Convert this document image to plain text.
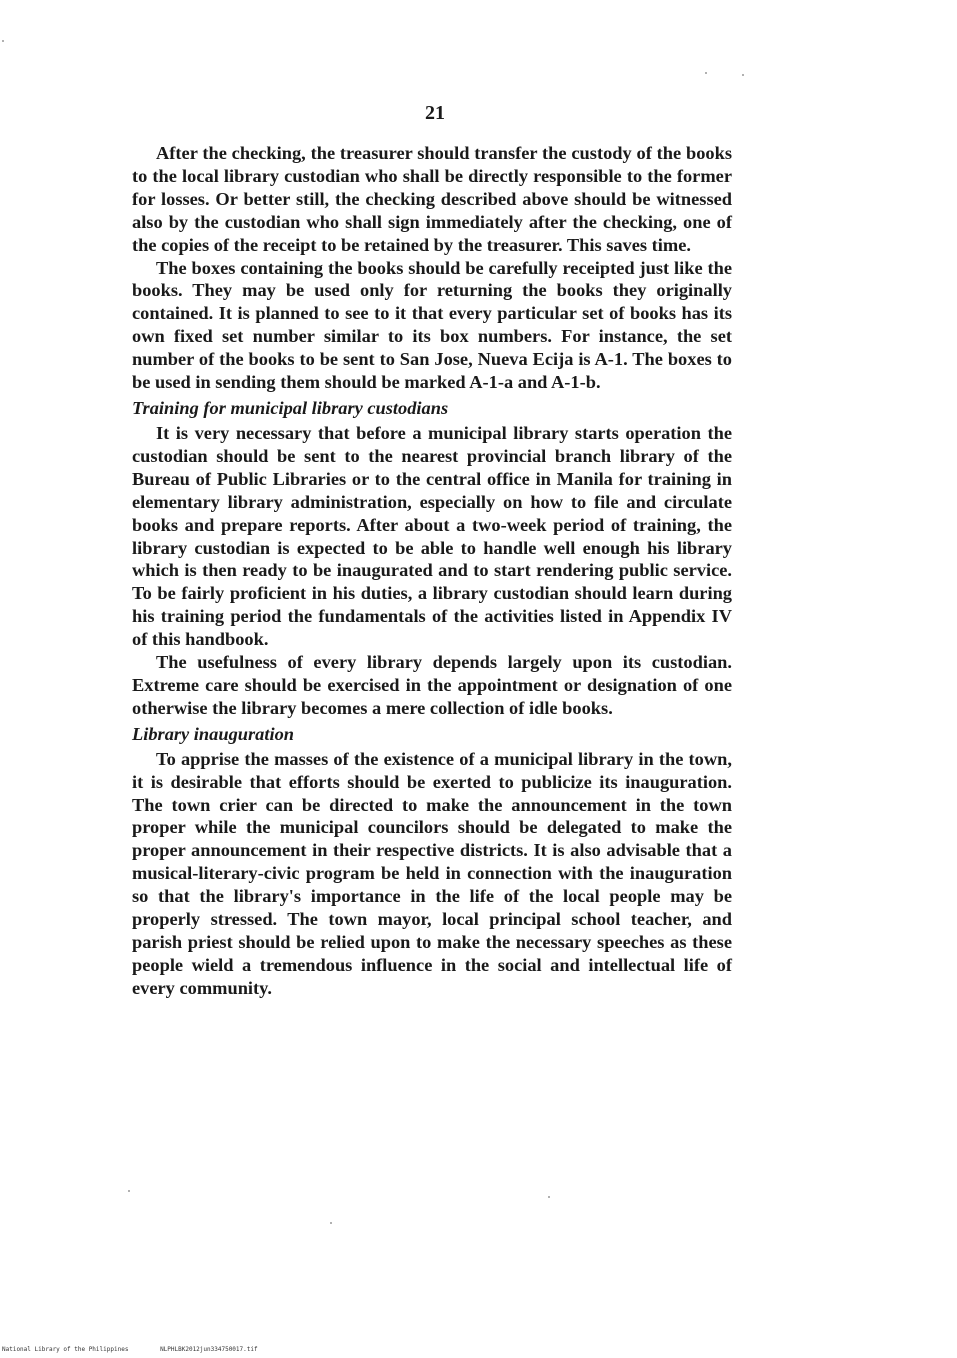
21

After the checking, the treasurer should transfer the custody of the books to the local library custodian who shall be directly responsible to the former for losses. Or better still, the checking described above should be witnessed also by the custodian who shall sign immediately after the checking, one of the copies of the receipt to be retained by the treasurer. This saves time.

The boxes containing the books should be carefully receipted just like the books. They may be used only for returning the books they originally contained. It is planned to see to it that every particular set of books has its own fixed set number similar to its box numbers. For instance, the set number of the books to be sent to San Jose, Nueva Ecija is A-1. The boxes to be used in sending them should be marked A-1-a and A-1-b.

Training for municipal library custodians

It is very necessary that before a municipal library starts operation the custodian should be sent to the nearest provincial branch library of the Bureau of Public Libraries or to the central office in Manila for training in elementary library administration, especially on how to file and circulate books and prepare reports. After about a two-week period of training, the library custodian is expected to be able to handle well enough his library which is then ready to be inaugurated and to start rendering public service. To be fairly proficient in his duties, a library custodian should learn during his training period the fundamentals of the activities listed in Appendix IV of this handbook.

The usefulness of every library depends largely upon its custodian. Extreme care should be exercised in the appointment or designation of one otherwise the library becomes a mere collection of idle books.

Library inauguration

To apprise the masses of the existence of a municipal library in the town, it is desirable that efforts should be exerted to publicize its inauguration. The town crier can be directed to make the announcement in the town proper while the municipal councilors should be delegated to make the proper announcement in their respective districts. It is also advisable that a musical-literary-civic program be held in connection with the inauguration so that the library's importance in the life of the local people may be properly stressed. The town mayor, local principal school teacher, and parish priest should be relied upon to make the necessary speeches as these people wield a tremendous influence in the social and intellectual life of every community.

National Library of the Philippines	NLPHLBK2012jun334750017.tif
